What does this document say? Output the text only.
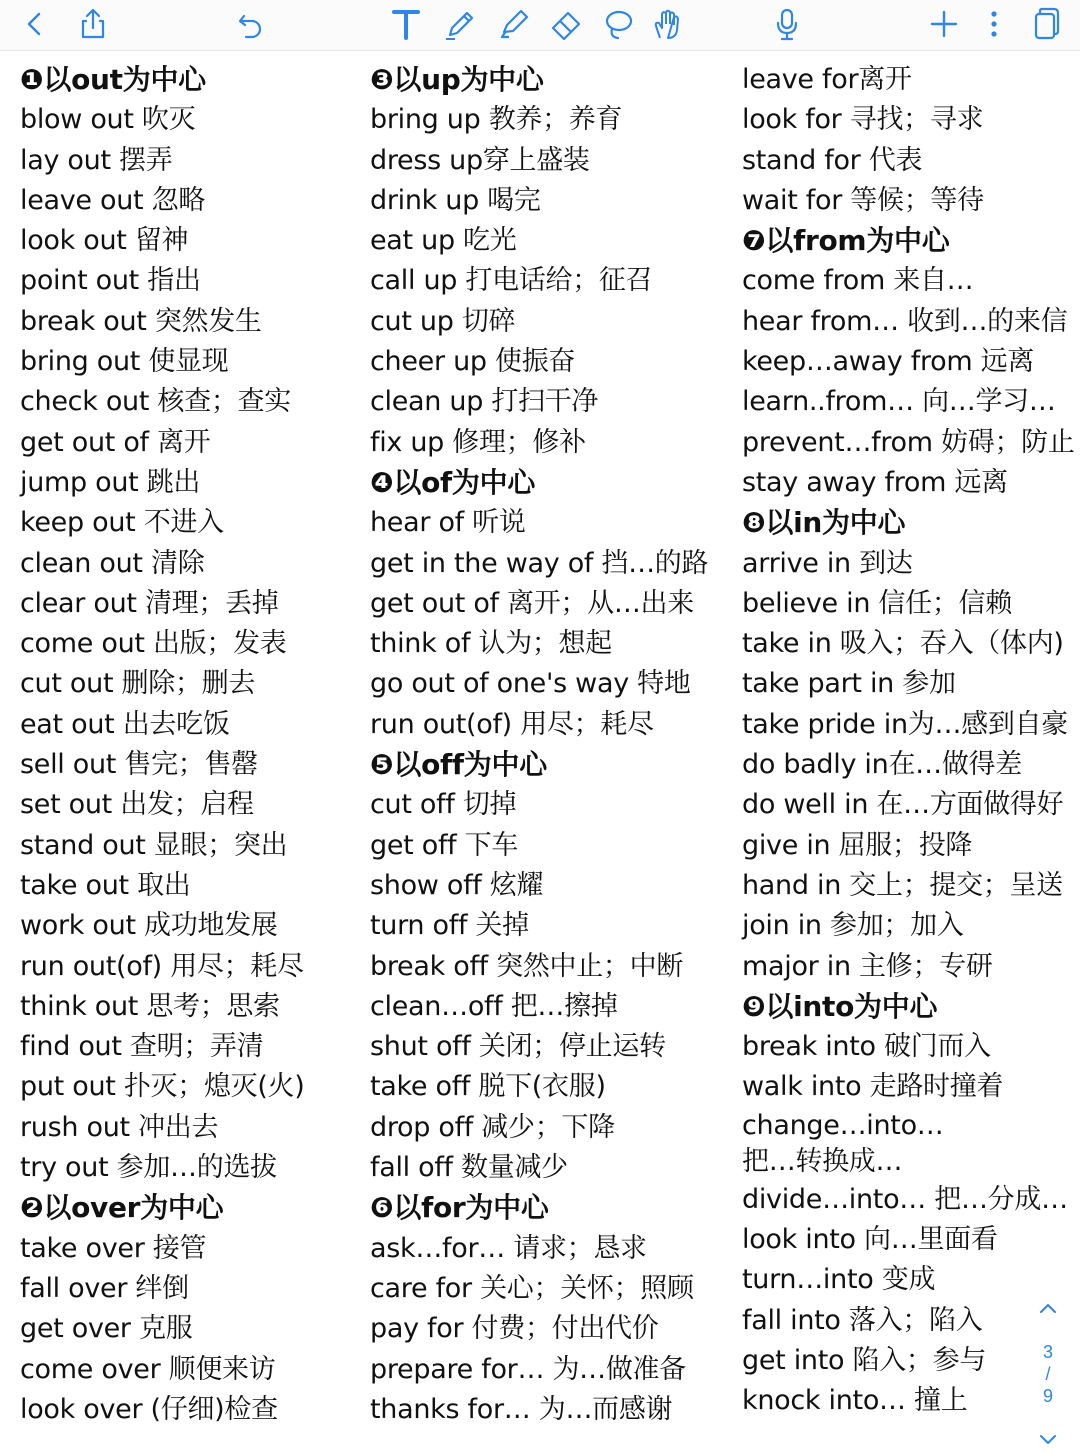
❶以out为中心
blow out 吹灭
lay out 摆弄
leave out 忽略
look out 留神
point out 指出
break out 突然发生
bring out 使显现
check out 核查；查实
get out of 离开
jump out 跳出
keep out 不进入
clean out 清除
clear out 清理；丢掉
come out 出版；发表
cut out 删除；删去
eat out 出去吃饭
sell out 售完；售罄
set out 出发；启程
stand out 显眼；突出
take out 取出
work out 成功地发展
run out(of) 用尽；耗尽
think out 思考；思索
find out 查明；弄清
put out 扑灭；熄灭(火)
rush out 冲出去
try out 参加…的选拔
❷以over为中心
take over 接管
fall over 绊倒
get over 克服
come over 顺便来访
look over (仔细)检查
❸以up为中心
bring up 教养；养育
dress up穿上盛装
drink up 喝完
eat up 吃光
call up 打电话给；征召
cut up 切碎
cheer up 使振奋
clean up 打扫干净
fix up 修理；修补
❹以of为中心
hear of 听说
get in the way of 挡…的路
get out of 离开；从…出来
think of 认为；想起
go out of one's way 特地
run out(of) 用尽；耗尽
❺以off为中心
cut off 切掉
get off 下车
show off 炫耀
turn off 关掉
break off 突然中止；中断
clean…off 把…擦掉
shut off 关闭；停止运转
take off 脱下(衣服)
drop off 减少；下降
fall off 数量减少
❻以for为中心
ask…for… 请求；恳求
care for 关心；关怀；照顾
pay for 付费；付出代价
prepare for… 为…做准备
thanks for… 为…而感谢
leave for离开
look for 寻找；寻求
stand for 代表
wait for 等候；等待
❼以from为中心
come from 来自…
hear from… 收到…的来信
keep…away from 远离
learn..from… 向…学习…
prevent…from 妨碍；防止
stay away from 远离
❽以in为中心
arrive in 到达
believe in 信任；信赖
take in 吸入；吞入（体内)
take part in 参加
take pride in为…感到自豪
do badly in在…做得差
do well in 在…方面做得好
give in 屈服；投降
hand in 交上；提交；呈送
join in 参加；加入
major in 主修；专研
❾以into为中心
break into 破门而入
walk into 走路时撞着
change…into…
把…转换成…
divide…into… 把…分成…
look into 向…里面看
turn…into 变成
fall into 落入；陷入
get into 陷入；参与
knock into… 撞上
3
/
9
